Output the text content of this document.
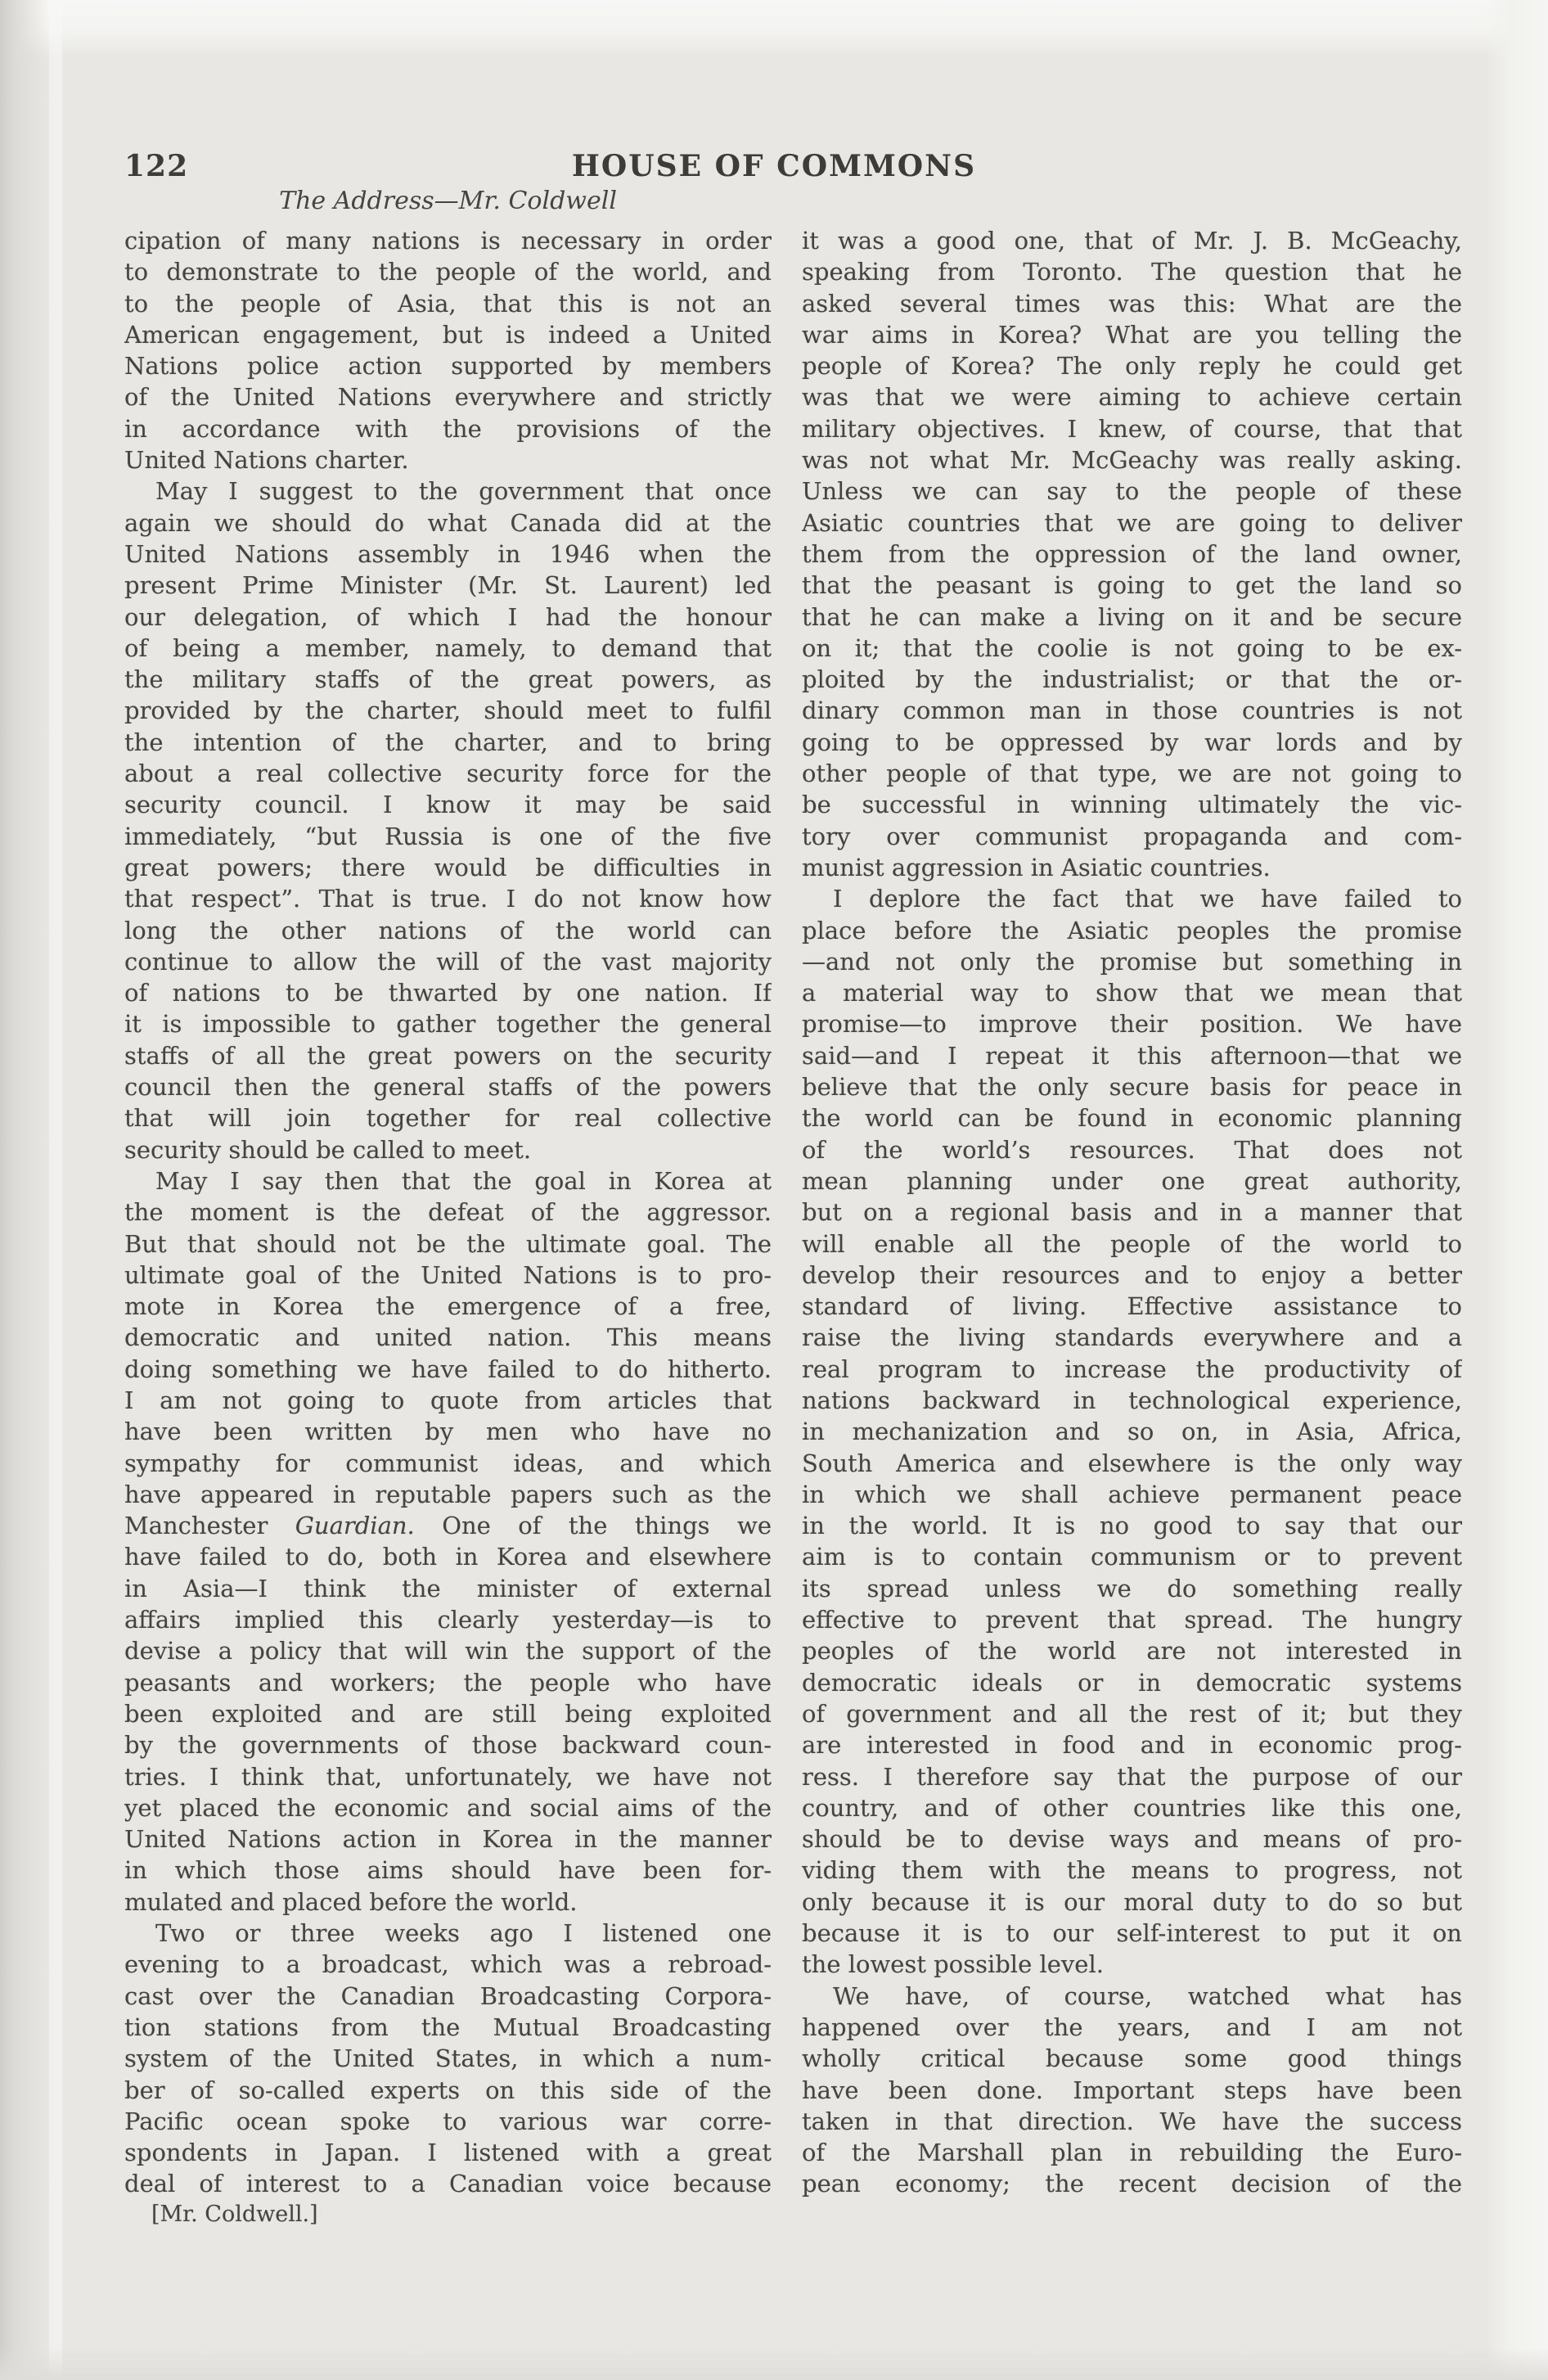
122	HOUSE OF COMMONS
The Address—Mr. Coldwell
cipation of many nations is necessary in order
to demonstrate to the people of the world, and
to the people of Asia, that this is not an
American engagement, but is indeed a United
Nations police action supported by members
of the United Nations everywhere and strictly
in accordance with the provisions of the
United Nations charter.
May I suggest to the government that once
again we should do what Canada did at the
United Nations assembly in 1946 when the
present Prime Minister (Mr. St. Laurent) led
our delegation, of which I had the honour
of being a member, namely, to demand that
the military staffs of the great powers, as
provided by the charter, should meet to fulfil
the intention of the charter, and to bring
about a real collective security force for the
security council. I know it may be said
immediately, “but Russia is one of the five
great powers; there would be difficulties in
that respect”. That is true. I do not know how
long the other nations of the world can
continue to allow the will of the vast majority
of nations to be thwarted by one nation. If
it is impossible to gather together the general
staffs of all the great powers on the security
council then the general staffs of the powers
that will join together for real collective
security should be called to meet.
May I say then that the goal in Korea at
the moment is the defeat of the aggressor.
But that should not be the ultimate goal. The
ultimate goal of the United Nations is to pro-
mote in Korea the emergence of a free,
democratic and united nation. This means
doing something we have failed to do hitherto.
I am not going to quote from articles that
have been written by men who have no
sympathy for communist ideas, and which
have appeared in reputable papers such as the
Manchester Guardian. One of the things we
have failed to do, both in Korea and elsewhere
in Asia—I think the minister of external
affairs implied this clearly yesterday—is to
devise a policy that will win the support of the
peasants and workers; the people who have
been exploited and are still being exploited
by the governments of those backward coun-
tries. I think that, unfortunately, we have not
yet placed the economic and social aims of the
United Nations action in Korea in the manner
in which those aims should have been for-
mulated and placed before the world.
Two or three weeks ago I listened one
evening to a broadcast, which was a rebroad-
cast over the Canadian Broadcasting Corpora-
tion stations from the Mutual Broadcasting
system of the United States, in which a num-
ber of so-called experts on this side of the
Pacific ocean spoke to various war corre-
spondents in Japan. I listened with a great
deal of interest to a Canadian voice because
it was a good one, that of Mr. J. B. McGeachy,
speaking from Toronto. The question that he
asked several times was this: What are the
war aims in Korea? What are you telling the
people of Korea? The only reply he could get
was that we were aiming to achieve certain
military objectives. I knew, of course, that that
was not what Mr. McGeachy was really asking.
Unless we can say to the people of these
Asiatic countries that we are going to deliver
them from the oppression of the land owner,
that the peasant is going to get the land so
that he can make a living on it and be secure
on it; that the coolie is not going to be ex-
ploited by the industrialist; or that the or-
dinary common man in those countries is not
going to be oppressed by war lords and by
other people of that type, we are not going to
be successful in winning ultimately the vic-
tory over communist propaganda and com-
munist aggression in Asiatic countries.
I deplore the fact that we have failed to
place before the Asiatic peoples the promise
—and not only the promise but something in
a material way to show that we mean that
promise—to improve their position. We have
said—and I repeat it this afternoon—that we
believe that the only secure basis for peace in
the world can be found in economic planning
of the world’s resources. That does not
mean planning under one great authority,
but on a regional basis and in a manner that
will enable all the people of the world to
develop their resources and to enjoy a better
standard of living. Effective assistance to
raise the living standards everywhere and a
real program to increase the productivity of
nations backward in technological experience,
in mechanization and so on, in Asia, Africa,
South America and elsewhere is the only way
in which we shall achieve permanent peace
in the world. It is no good to say that our
aim is to contain communism or to prevent
its spread unless we do something really
effective to prevent that spread. The hungry
peoples of the world are not interested in
democratic ideals or in democratic systems
of government and all the rest of it; but they
are interested in food and in economic prog-
ress. I therefore say that the purpose of our
country, and of other countries like this one,
should be to devise ways and means of pro-
viding them with the means to progress, not
only because it is our moral duty to do so but
because it is to our self-interest to put it on
the lowest possible level.
We have, of course, watched what has
happened over the years, and I am not
wholly critical because some good things
have been done. Important steps have been
taken in that direction. We have the success
of the Marshall plan in rebuilding the Euro-
pean economy; the recent decision of the
[Mr. Coldwell.]
